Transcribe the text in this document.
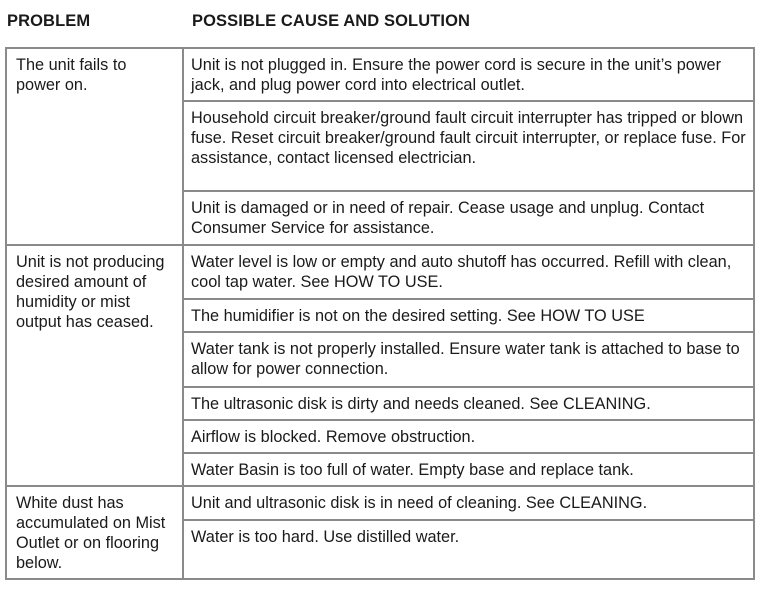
PROBLEM	POSSIBLE CAUSE AND SOLUTION
The unit fails to power on.	Unit is not plugged in. Ensure the power cord is secure in the unit’s power jack, and plug power cord into electrical outlet.
	Household circuit breaker/ground fault circuit interrupter has tripped or blown fuse. Reset circuit breaker/ground fault circuit interrupter, or replace fuse. For assistance, contact licensed electrician.
	Unit is damaged or in need of repair. Cease usage and unplug. Contact Consumer Service for assistance.
Unit is not producing desired amount of humidity or mist output has ceased.	Water level is low or empty and auto shutoff has occurred. Refill with clean, cool tap water. See HOW TO USE.
	The humidifier is not on the desired setting. See HOW TO USE
	Water tank is not properly installed. Ensure water tank is attached to base to allow for power connection.
	The ultrasonic disk is dirty and needs cleaned. See CLEANING.
	Airflow is blocked. Remove obstruction.
	Water Basin is too full of water. Empty base and replace tank.
White dust has accumulated on Mist Outlet or on flooring below.	Unit and ultrasonic disk is in need of cleaning. See CLEANING.
	Water is too hard. Use distilled water.
